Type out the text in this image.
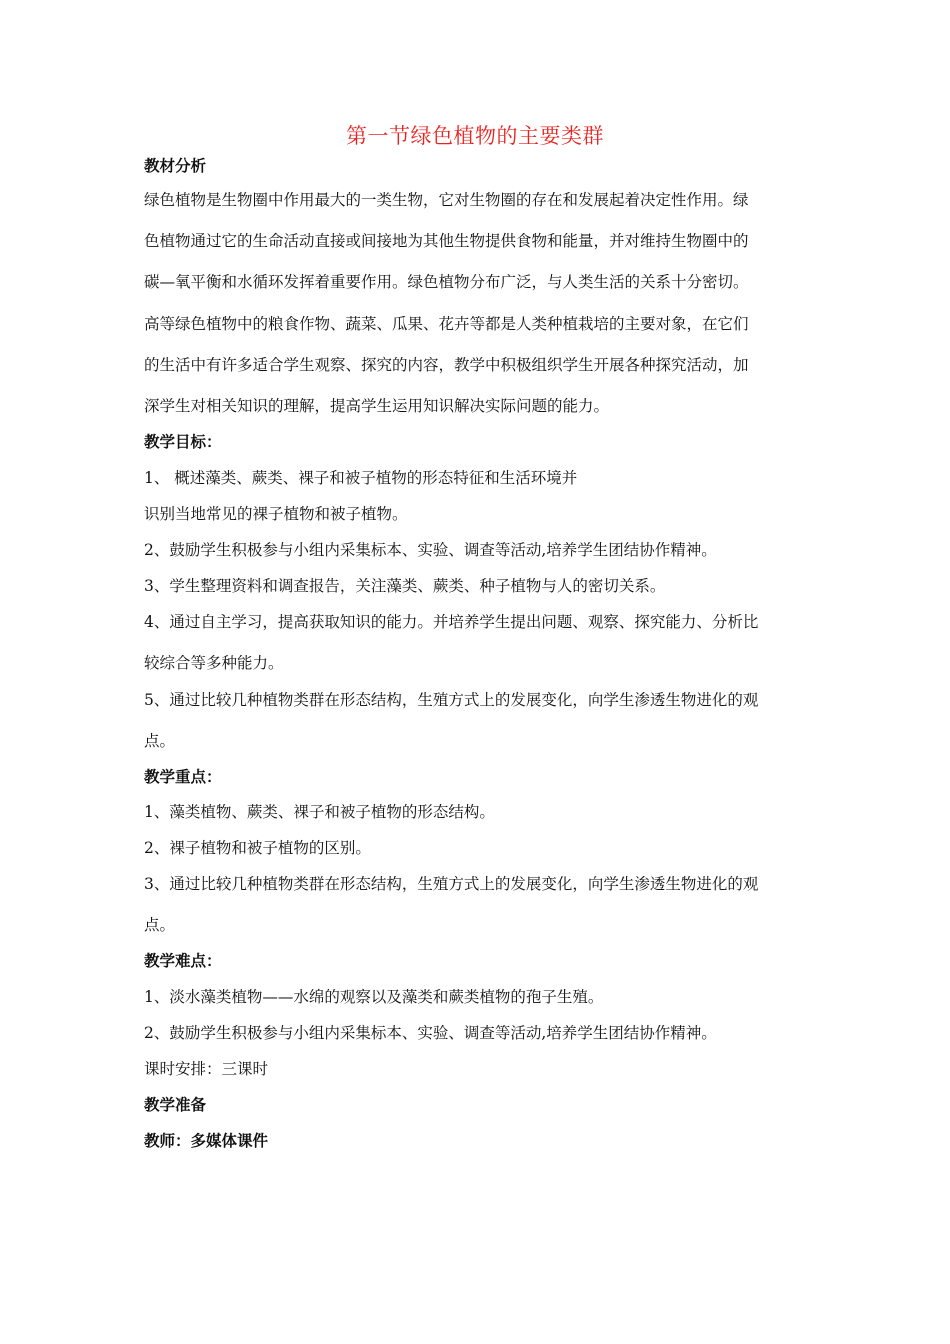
第一节绿色植物的主要类群
教材分析
绿色植物是生物圈中作用最大的一类生物，它对生物圈的存在和发展起着决定性作用。绿
色植物通过它的生命活动直接或间接地为其他生物提供食物和能量，并对维持生物圈中的
碳—氧平衡和水循环发挥着重要作用。绿色植物分布广泛，与人类生活的关系十分密切。
高等绿色植物中的粮食作物、蔬菜、瓜果、花卉等都是人类种植栽培的主要对象，在它们
的生活中有许多适合学生观察、探究的内容，教学中积极组织学生开展各种探究活动，加
深学生对相关知识的理解，提高学生运用知识解决实际问题的能力。
教学目标：
1、 概述藻类、蕨类、裸子和被子植物的形态特征和生活环境并
识别当地常见的裸子植物和被子植物。
2、鼓励学生积极参与小组内采集标本、实验、调查等活动,培养学生团结协作精神。
3、学生整理资料和调查报告，关注藻类、蕨类、种子植物与人的密切关系。
4、通过自主学习，提高获取知识的能力。并培养学生提出问题、观察、探究能力、分析比
较综合等多种能力。
5、通过比较几种植物类群在形态结构，生殖方式上的发展变化，向学生渗透生物进化的观
点。
教学重点：
1、藻类植物、蕨类、裸子和被子植物的形态结构。
2、裸子植物和被子植物的区别。
3、通过比较几种植物类群在形态结构，生殖方式上的发展变化，向学生渗透生物进化的观
点。
教学难点：
1、淡水藻类植物——水绵的观察以及藻类和蕨类植物的孢子生殖。
2、鼓励学生积极参与小组内采集标本、实验、调查等活动,培养学生团结协作精神。
课时安排：三课时
教学准备
教师：多媒体课件
